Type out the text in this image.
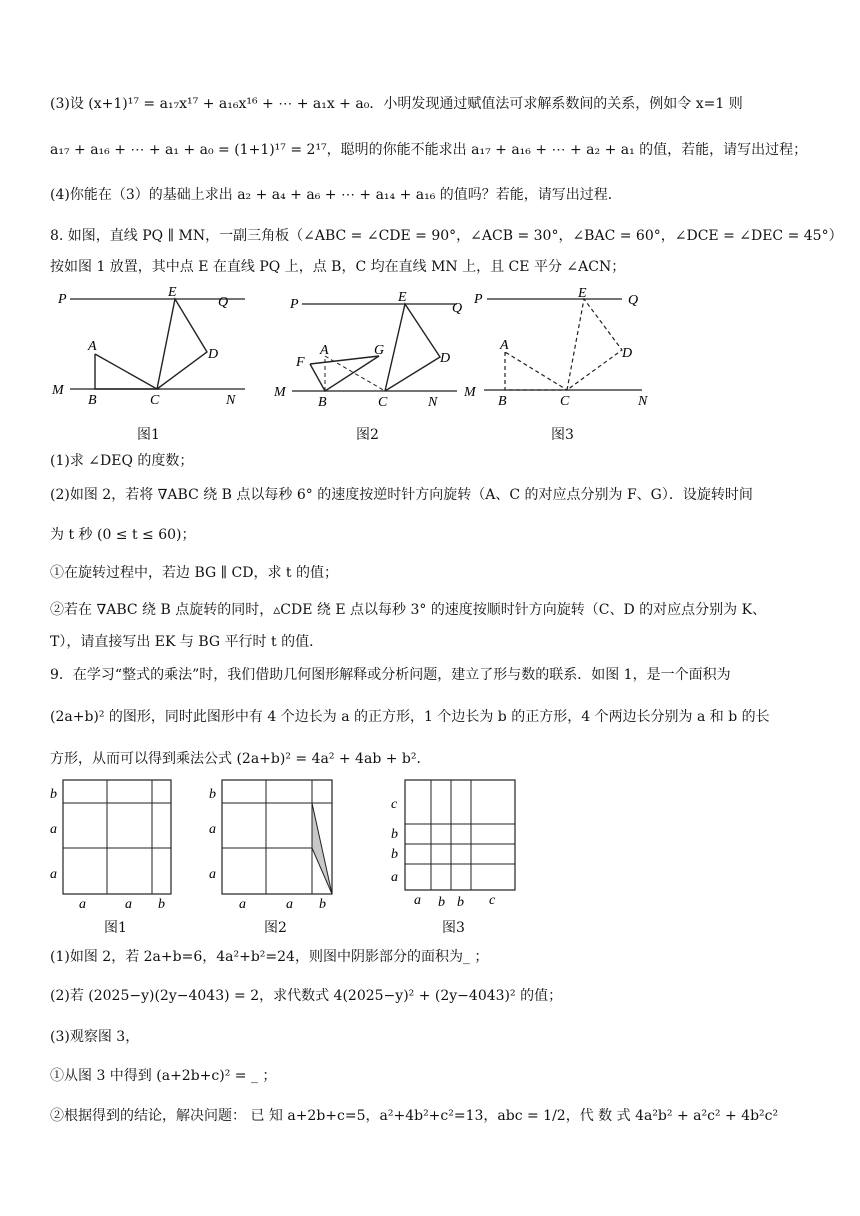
(3)设 (x+1)¹⁷ = a₁₇x¹⁷ + a₁₆x¹⁶ + ⋯ + a₁x + a₀．小明发现通过赋值法可求解系数间的关系，例如令 x=1 则
a₁₇ + a₁₆ + ⋯ + a₁ + a₀ = (1+1)¹⁷ = 2¹⁷，聪明的你能不能求出 a₁₇ + a₁₆ + ⋯ + a₂ + a₁ 的值，若能，请写出过程；
(4)你能在（3）的基础上求出 a₂ + a₄ + a₆ + ⋯ + a₁₄ + a₁₆ 的值吗？若能，请写出过程．
8. 如图，直线 PQ ∥ MN，一副三角板（∠ABC = ∠CDE = 90°，∠ACB = 30°，∠BAC = 60°，∠DCE = ∠DEC = 45°）
按如图 1 放置，其中点 E 在直线 PQ 上，点 B，C 均在直线 MN 上，且 CE 平分 ∠ACN；
P	Q
E
A
D
M
B	C	N
P	Q
E
A
F
G
D
M
B	C	N
P	Q
E
A
D
M
B	C	N
图1	图2	图3
(1)求 ∠DEQ 的度数；
(2)如图 2，若将 ∇ABC 绕 B 点以每秒 6° 的速度按逆时针方向旋转（A、C 的对应点分别为 F、G）．设旋转时间
为 t 秒 (0 ≤ t ≤ 60)；
①在旋转过程中，若边 BG ∥ CD，求 t 的值；
②若在 ∇ABC 绕 B 点旋转的同时，▵CDE 绕 E 点以每秒 3° 的速度按顺时针方向旋转（C、D 的对应点分别为 K、
T），请直接写出 EK 与 BG 平行时 t 的值．
9．在学习“整式的乘法”时，我们借助几何图形解释或分析问题，建立了形与数的联系．如图 1，是一个面积为
(2a+b)² 的图形，同时此图形中有 4 个边长为 a 的正方形，1 个边长为 b 的正方形，4 个两边长分别为 a 和 b 的长
方形，从而可以得到乘法公式 (2a+b)² = 4a² + 4ab + b²．
b
a
a
a	a b
b
a
a
a	a b
c
b
b
a
a b b c
图1	图2	图3
(1)如图 2，若 2a+b=6，4a²+b²=24，则图中阴影部分的面积为_ ；
(2)若 (2025−y)(2y−4043) = 2，求代数式 4(2025−y)² + (2y−4043)² 的值；
(3)观察图 3，
①从图 3 中得到 (a+2b+c)² = _ ；
②根据得到的结论，解决问题： 已 知 a+2b+c=5，a²+4b²+c²=13，abc = 1/2，代 数 式 4a²b² + a²c² + 4b²c²
